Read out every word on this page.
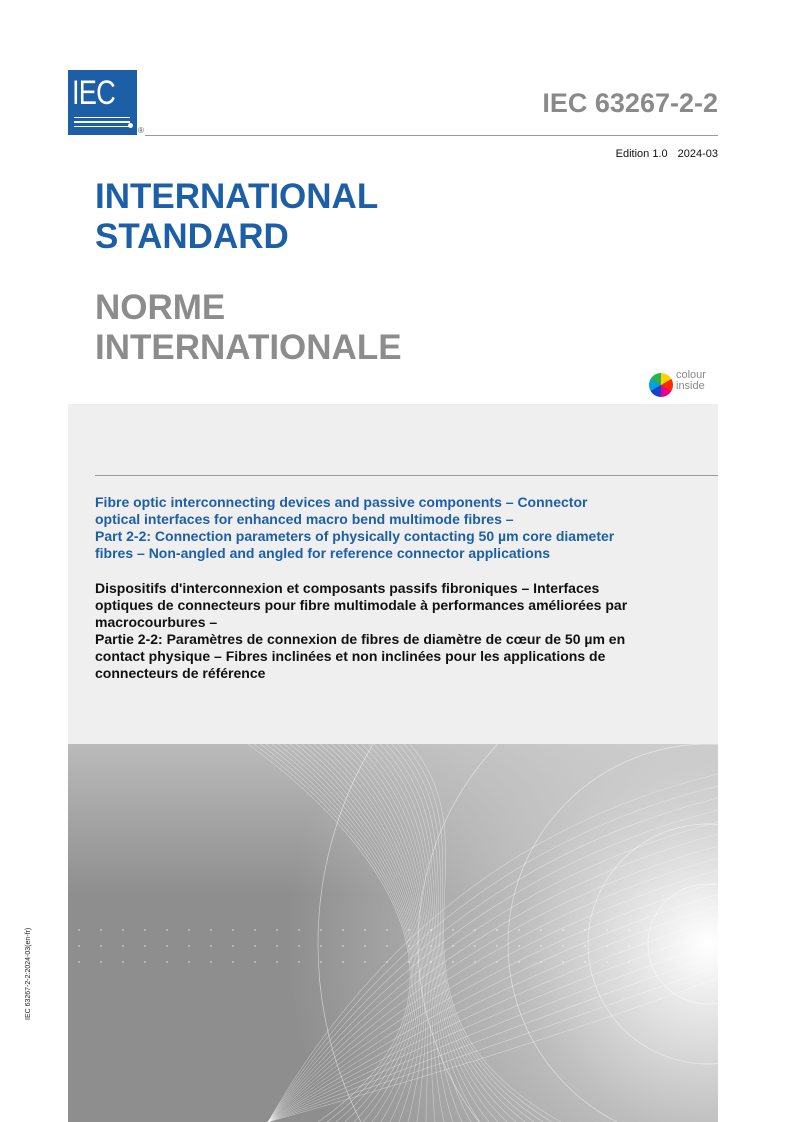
IEC
®
IEC 63267-2-2
Edition 1.0 2024-03
INTERNATIONAL
STANDARD
NORME
INTERNATIONALE
colour
inside
Fibre optic interconnecting devices and passive components – Connector
optical interfaces for enhanced macro bend multimode fibres –
Part 2-2: Connection parameters of physically contacting 50 µm core diameter
fibres – Non-angled and angled for reference connector applications
Dispositifs d'interconnexion et composants passifs fibroniques – Interfaces
optiques de connecteurs pour fibre multimodale à performances améliorées par
macrocourbures –
Partie 2-2: Paramètres de connexion de fibres de diamètre de cœur de 50 µm en
contact physique – Fibres inclinées et non inclinées pour les applications de
connecteurs de référence
IEC 63267-2-2:2024-03(en-fr)
